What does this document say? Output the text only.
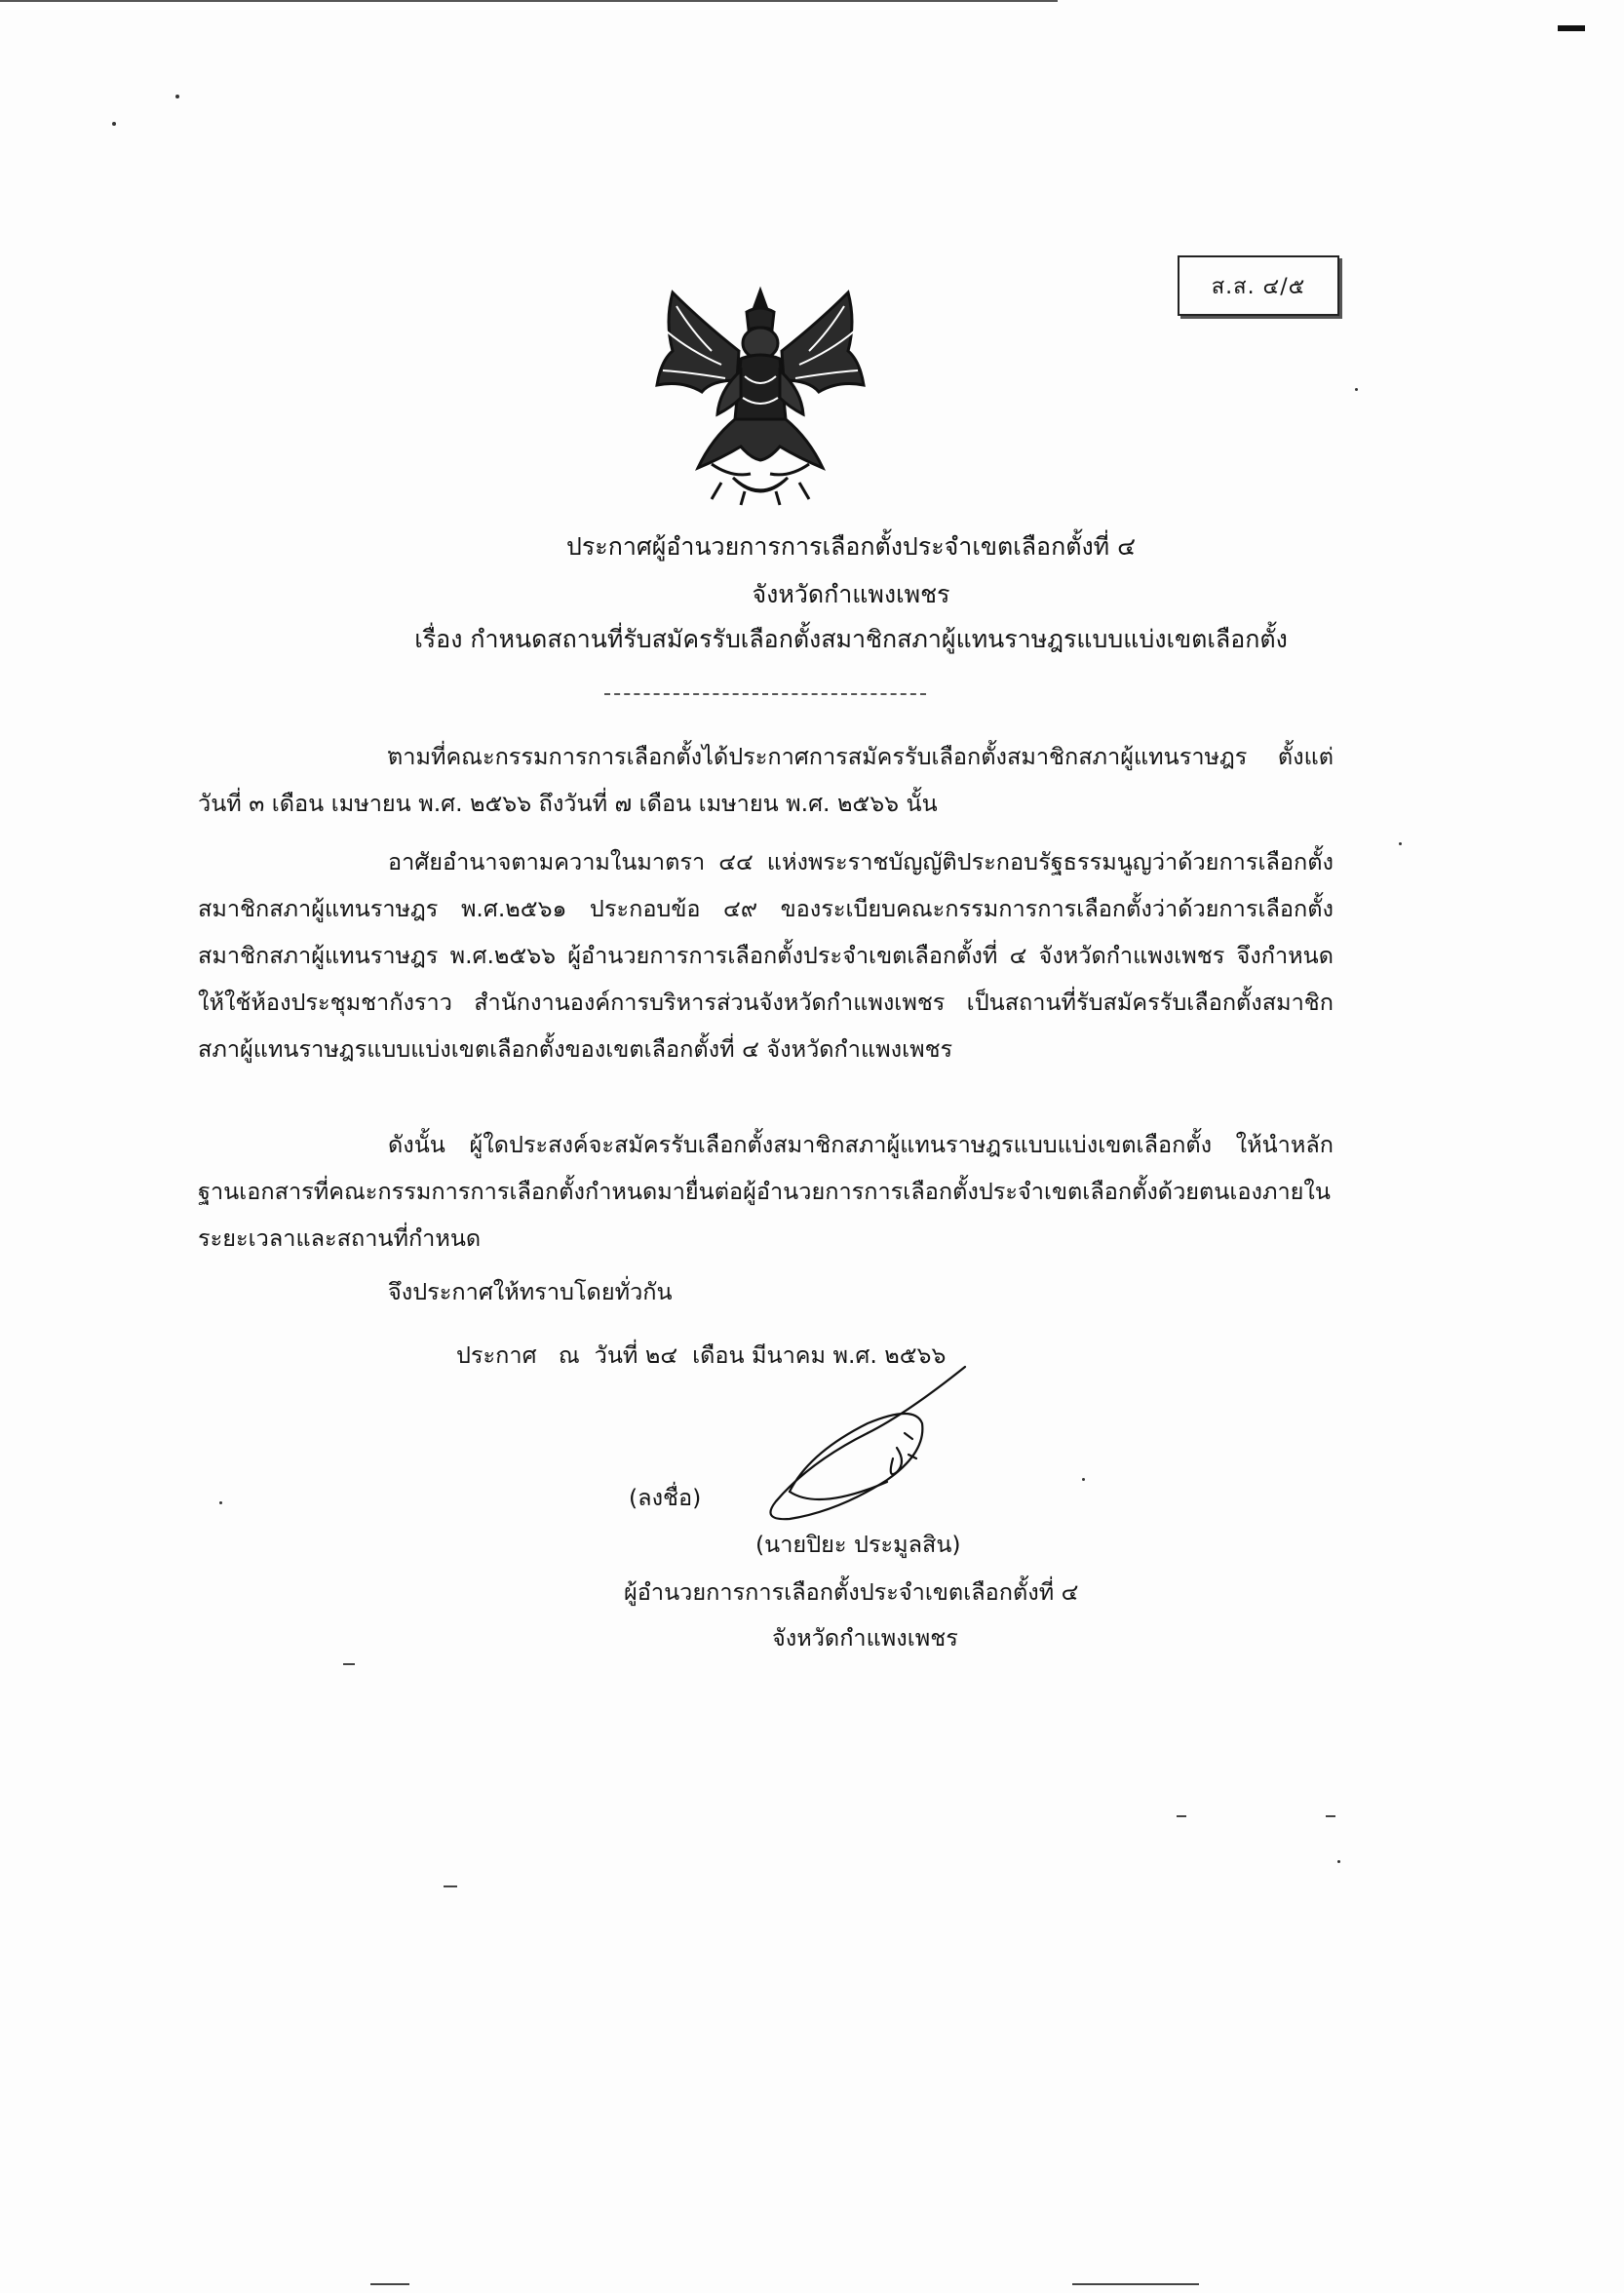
ส.ส. ๔/๕
ประกาศผู้อำนวยการการเลือกตั้งประจำเขตเลือกตั้งที่ ๔
จังหวัดกำแพงเพชร
เรื่อง กำหนดสถานที่รับสมัครรับเลือกตั้งสมาชิกสภาผู้แทนราษฎรแบบแบ่งเขตเลือกตั้ง
ตามที่คณะกรรมการการเลือกตั้งได้ประกาศการสมัครรับเลือกตั้งสมาชิกสภาผู้แทนราษฎร ตั้งแต่วันที่ ๓ เดือน เมษายน พ.ศ. ๒๕๖๖ ถึงวันที่ ๗ เดือน เมษายน พ.ศ. ๒๕๖๖ นั้น
อาศัยอำนาจตามความในมาตรา ๔๔ แห่งพระราชบัญญัติประกอบรัฐธรรมนูญว่าด้วยการเลือกตั้งสมาชิกสภาผู้แทนราษฎร พ.ศ.๒๕๖๑ ประกอบข้อ ๔๙ ของระเบียบคณะกรรมการการเลือกตั้งว่าด้วยการเลือกตั้งสมาชิกสภาผู้แทนราษฎร พ.ศ.๒๕๖๖ ผู้อำนวยการการเลือกตั้งประจำเขตเลือกตั้งที่ ๔ จังหวัดกำแพงเพชร จึงกำหนดให้ใช้ห้องประชุมชากังราว สำนักงานองค์การบริหารส่วนจังหวัดกำแพงเพชร เป็นสถานที่รับสมัครรับเลือกตั้งสมาชิกสภาผู้แทนราษฎรแบบแบ่งเขตเลือกตั้งของเขตเลือกตั้งที่ ๔ จังหวัดกำแพงเพชร
ดังนั้น ผู้ใดประสงค์จะสมัครรับเลือกตั้งสมาชิกสภาผู้แทนราษฎรแบบแบ่งเขตเลือกตั้ง ให้นำหลักฐานเอกสารที่คณะกรรมการการเลือกตั้งกำหนดมายื่นต่อผู้อำนวยการการเลือกตั้งประจำเขตเลือกตั้งด้วยตนเองภายในระยะเวลาและสถานที่กำหนด
จึงประกาศให้ทราบโดยทั่วกัน
ประกาศ   ณ  วันที่ ๒๔  เดือน มีนาคม พ.ศ. ๒๕๖๖
(ลงชื่อ)
(นายปิยะ ประมูลสิน)
ผู้อำนวยการการเลือกตั้งประจำเขตเลือกตั้งที่ ๔
จังหวัดกำแพงเพชร
